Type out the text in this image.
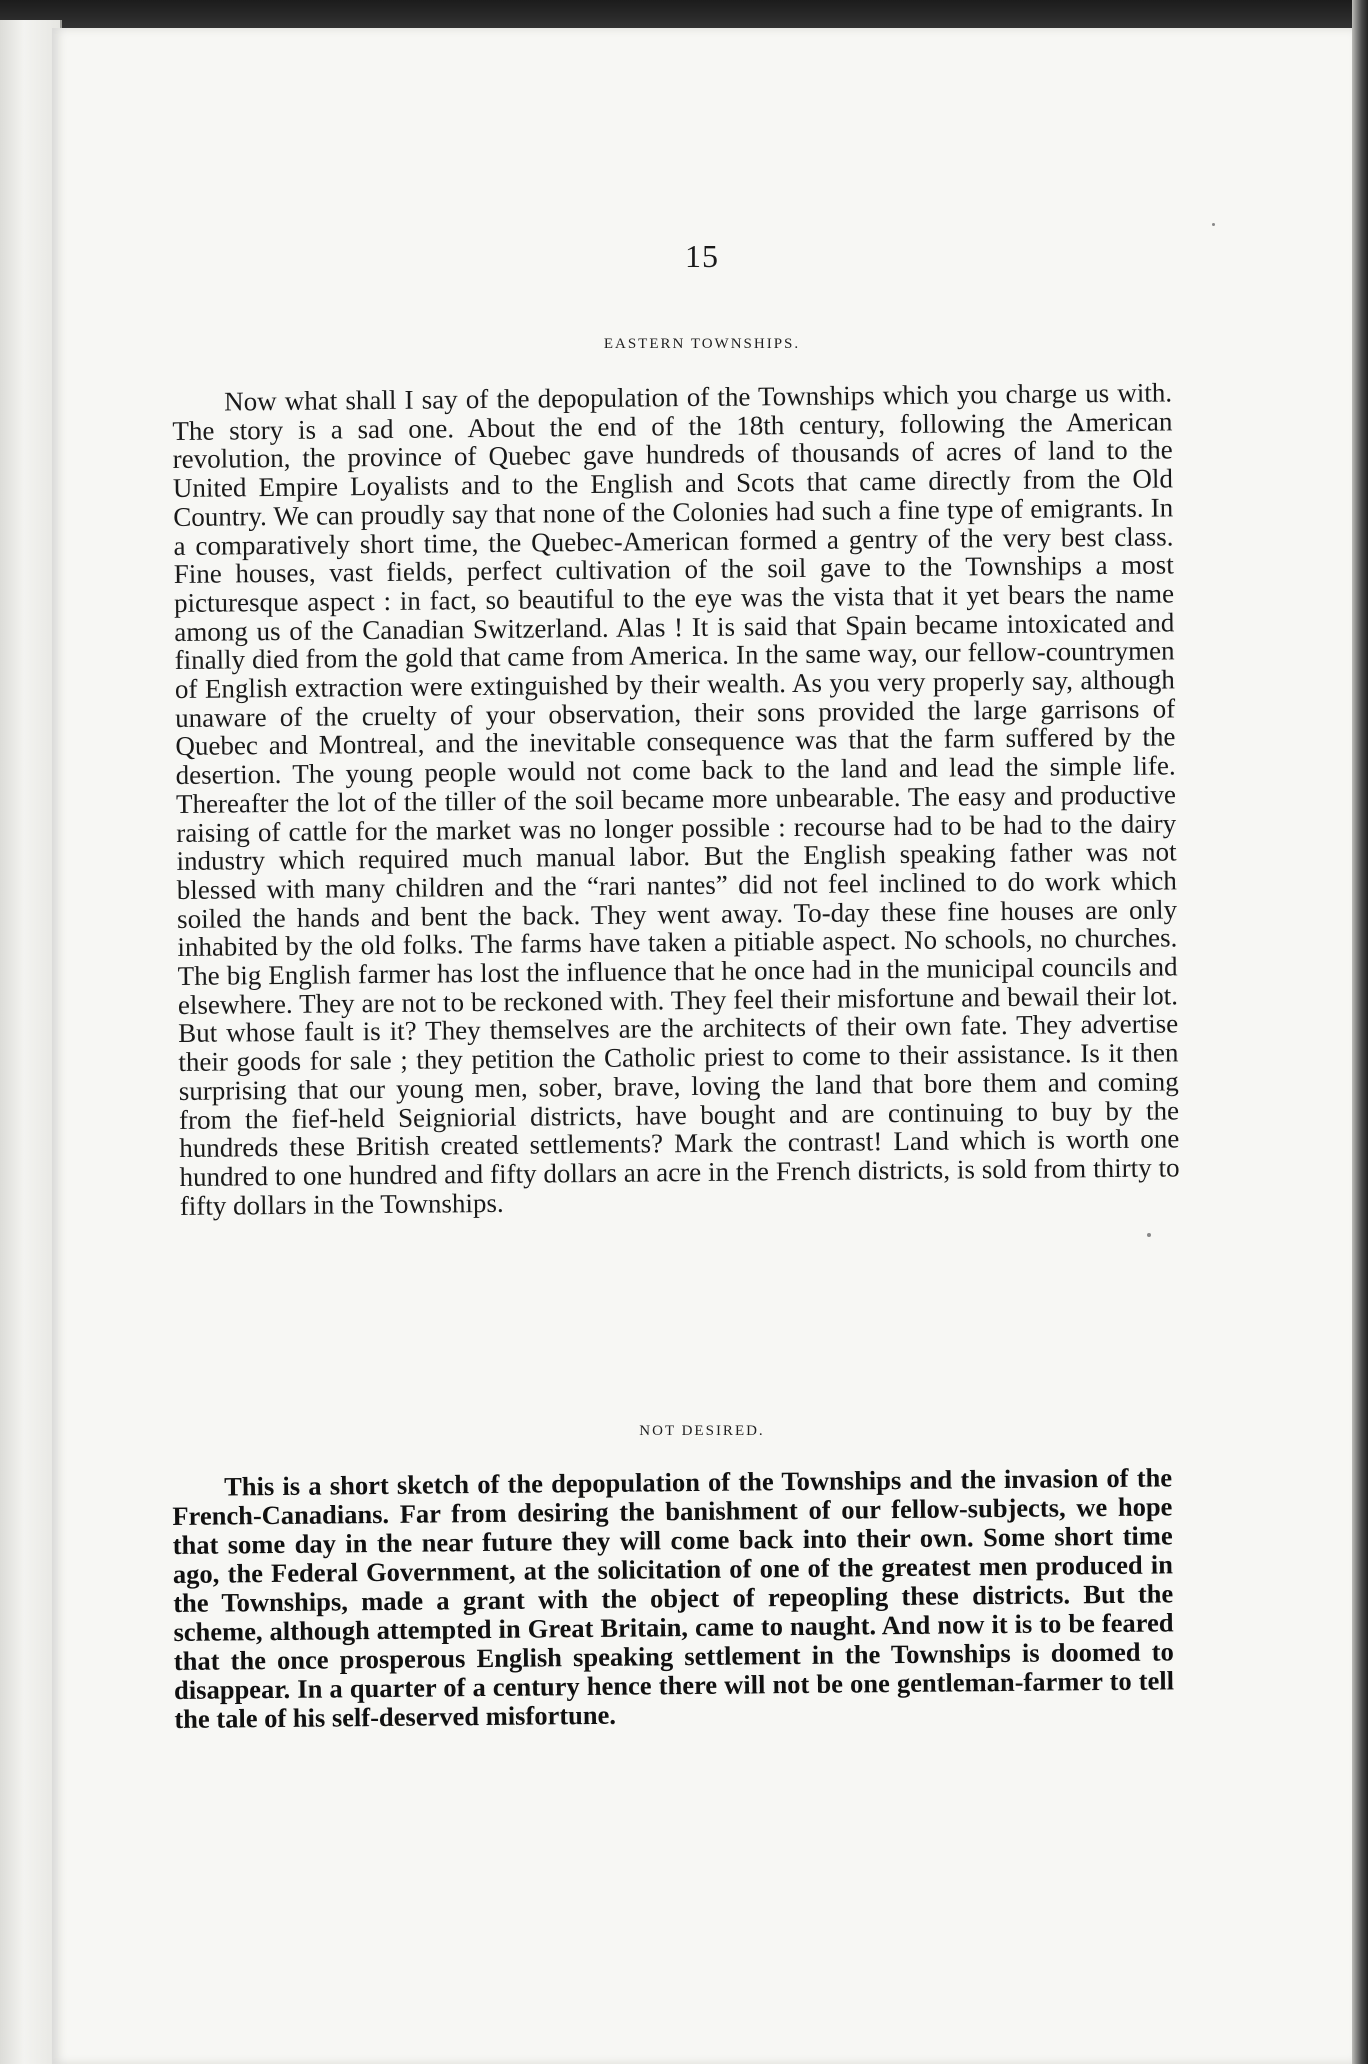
15
EASTERN TOWNSHIPS.

Now what shall I say of the depopulation of the Townships which you charge us with. The story is a sad one. About the end of the 18th century, following the American revolution, the province of Quebec gave hundreds of thousands of acres of land to the United Empire Loyalists and to the English and Scots that came directly from the Old Country. We can proudly say that none of the Colonies had such a fine type of emigrants. In a comparatively short time, the Quebec-American formed a gentry of the very best class. Fine houses, vast fields, perfect cultivation of the soil gave to the Townships a most picturesque aspect : in fact, so beautiful to the eye was the vista that it yet bears the name among us of the Canadian Switzerland. Alas ! It is said that Spain became intoxicated and finally died from the gold that came from America. In the same way, our fellow-countrymen of English extraction were extinguished by their wealth. As you very properly say, although unaware of the cruelty of your observation, their sons provided the large garrisons of Quebec and Montreal, and the inevitable consequence was that the farm suffered by the desertion. The young people would not come back to the land and lead the simple life. Thereafter the lot of the tiller of the soil became more unbearable. The easy and productive raising of cattle for the market was no longer possible : recourse had to be had to the dairy industry which required much manual labor. But the English speaking father was not blessed with many children and the “rari nantes” did not feel inclined to do work which soiled the hands and bent the back. They went away. To-day these fine houses are only inhabited by the old folks. The farms have taken a pitiable aspect. No schools, no churches. The big English farmer has lost the influence that he once had in the municipal councils and elsewhere. They are not to be reckoned with. They feel their misfortune and bewail their lot. But whose fault is it? They themselves are the architects of their own fate. They advertise their goods for sale ; they petition the Catholic priest to come to their assistance. Is it then surprising that our young men, sober, brave, loving the land that bore them and coming from the fief-held Seigniorial districts, have bought and are continuing to buy by the hundreds these British created settlements? Mark the contrast! Land which is worth one hundred to one hundred and fifty dollars an acre in the French districts, is sold from thirty to fifty dollars in the Townships.

NOT DESIRED.

This is a short sketch of the depopulation of the Townships and the invasion of the French-Canadians. Far from desiring the banishment of our fellow-subjects, we hope that some day in the near future they will come back into their own. Some short time ago, the Federal Government, at the solicitation of one of the greatest men produced in the Townships, made a grant with the object of repeopling these districts. But the scheme, although attempted in Great Britain, came to naught. And now it is to be feared that the once prosperous English speaking settlement in the Townships is doomed to disappear. In a quarter of a century hence there will not be one gentleman-farmer to tell the tale of his self-deserved misfortune.
